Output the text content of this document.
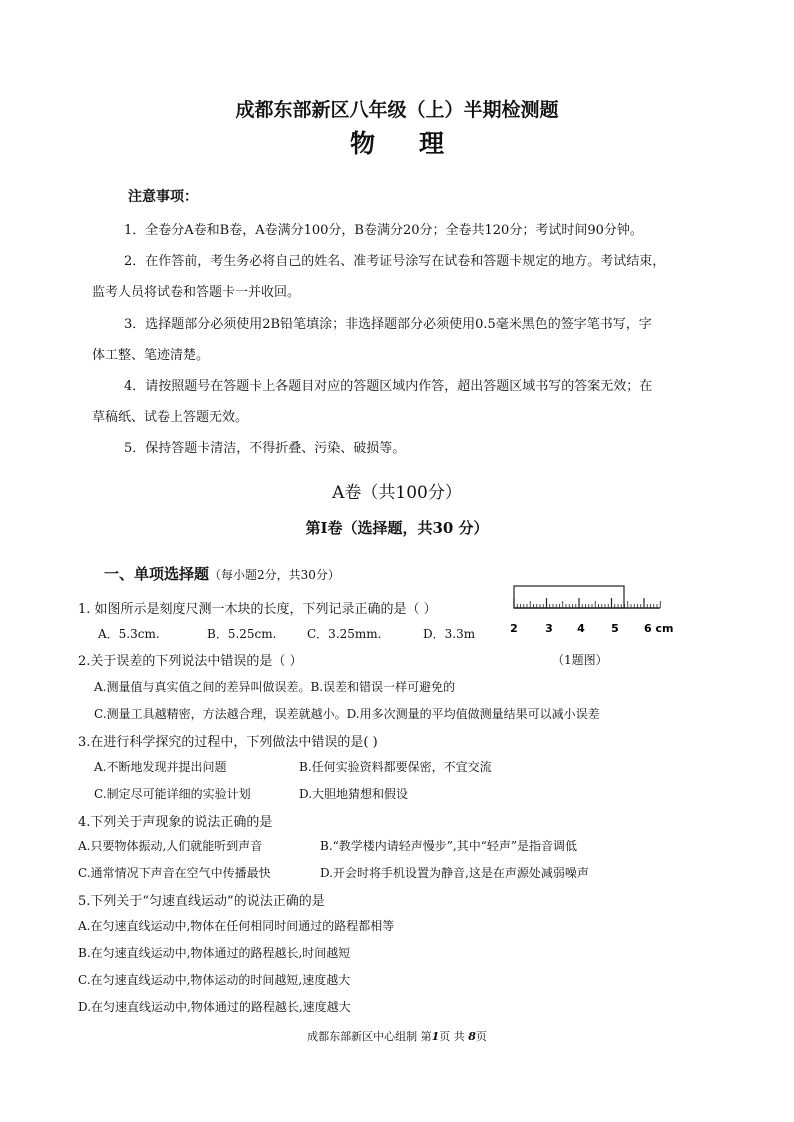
成都东部新区八年级（上）半期检测题
物理
注意事项：
1．全卷分A卷和B卷，A卷满分100分，B卷满分20分；全卷共120分；考试时间90分钟。
2．在作答前，考生务必将自己的姓名、准考证号涂写在试卷和答题卡规定的地方。考试结束，
监考人员将试卷和答题卡一并收回。
3．选择题部分必须使用2B铅笔填涂；非选择题部分必须使用0.5毫米黑色的签字笔书写，字
体工整、笔迹清楚。
4．请按照题号在答题卡上各题目对应的答题区域内作答，超出答题区域书写的答案无效；在
草稿纸、试卷上答题无效。
5．保持答题卡清洁，不得折叠、污染、破损等。
A卷（共100分）
第Ⅰ卷（选择题，共30 分）
一、单项选择题（每小题2分，共30分）
1. 如图所示是刻度尺测一木块的长度，下列记录正确的是（ ）
A．5.3cm.	B．5.25cm.	C．3.25mm.	D．3.3m	2 3 4 5 6 cm
（1题图）
2.关于误差的下列说法中错误的是（ ）
A.测量值与真实值之间的差异叫做误差。B.误差和错误一样可避免的
C.测量工具越精密，方法越合理，误差就越小。D.用多次测量的平均值做测量结果可以减小误差
3.在进行科学探究的过程中，下列做法中错误的是( )
A.不断地发现并提出问题	B.任何实验资料都要保密，不宜交流
C.制定尽可能详细的实验计划	D.大胆地猜想和假设
4.下列关于声现象的说法正确的是
A.只要物体振动,人们就能听到声音	B.“教学楼内请轻声慢步”,其中“轻声”是指音调低
C.通常情况下声音在空气中传播最快	D.开会时将手机设置为静音,这是在声源处减弱噪声
5.下列关于“匀速直线运动”的说法正确的是
A.在匀速直线运动中,物体在任何相同时间通过的路程都相等
B.在匀速直线运动中,物体通过的路程越长,时间越短
C.在匀速直线运动中,物体运动的时间越短,速度越大
D.在匀速直线运动中,物体通过的路程越长,速度越大
成都东部新区中心组制 第1页 共 8页
